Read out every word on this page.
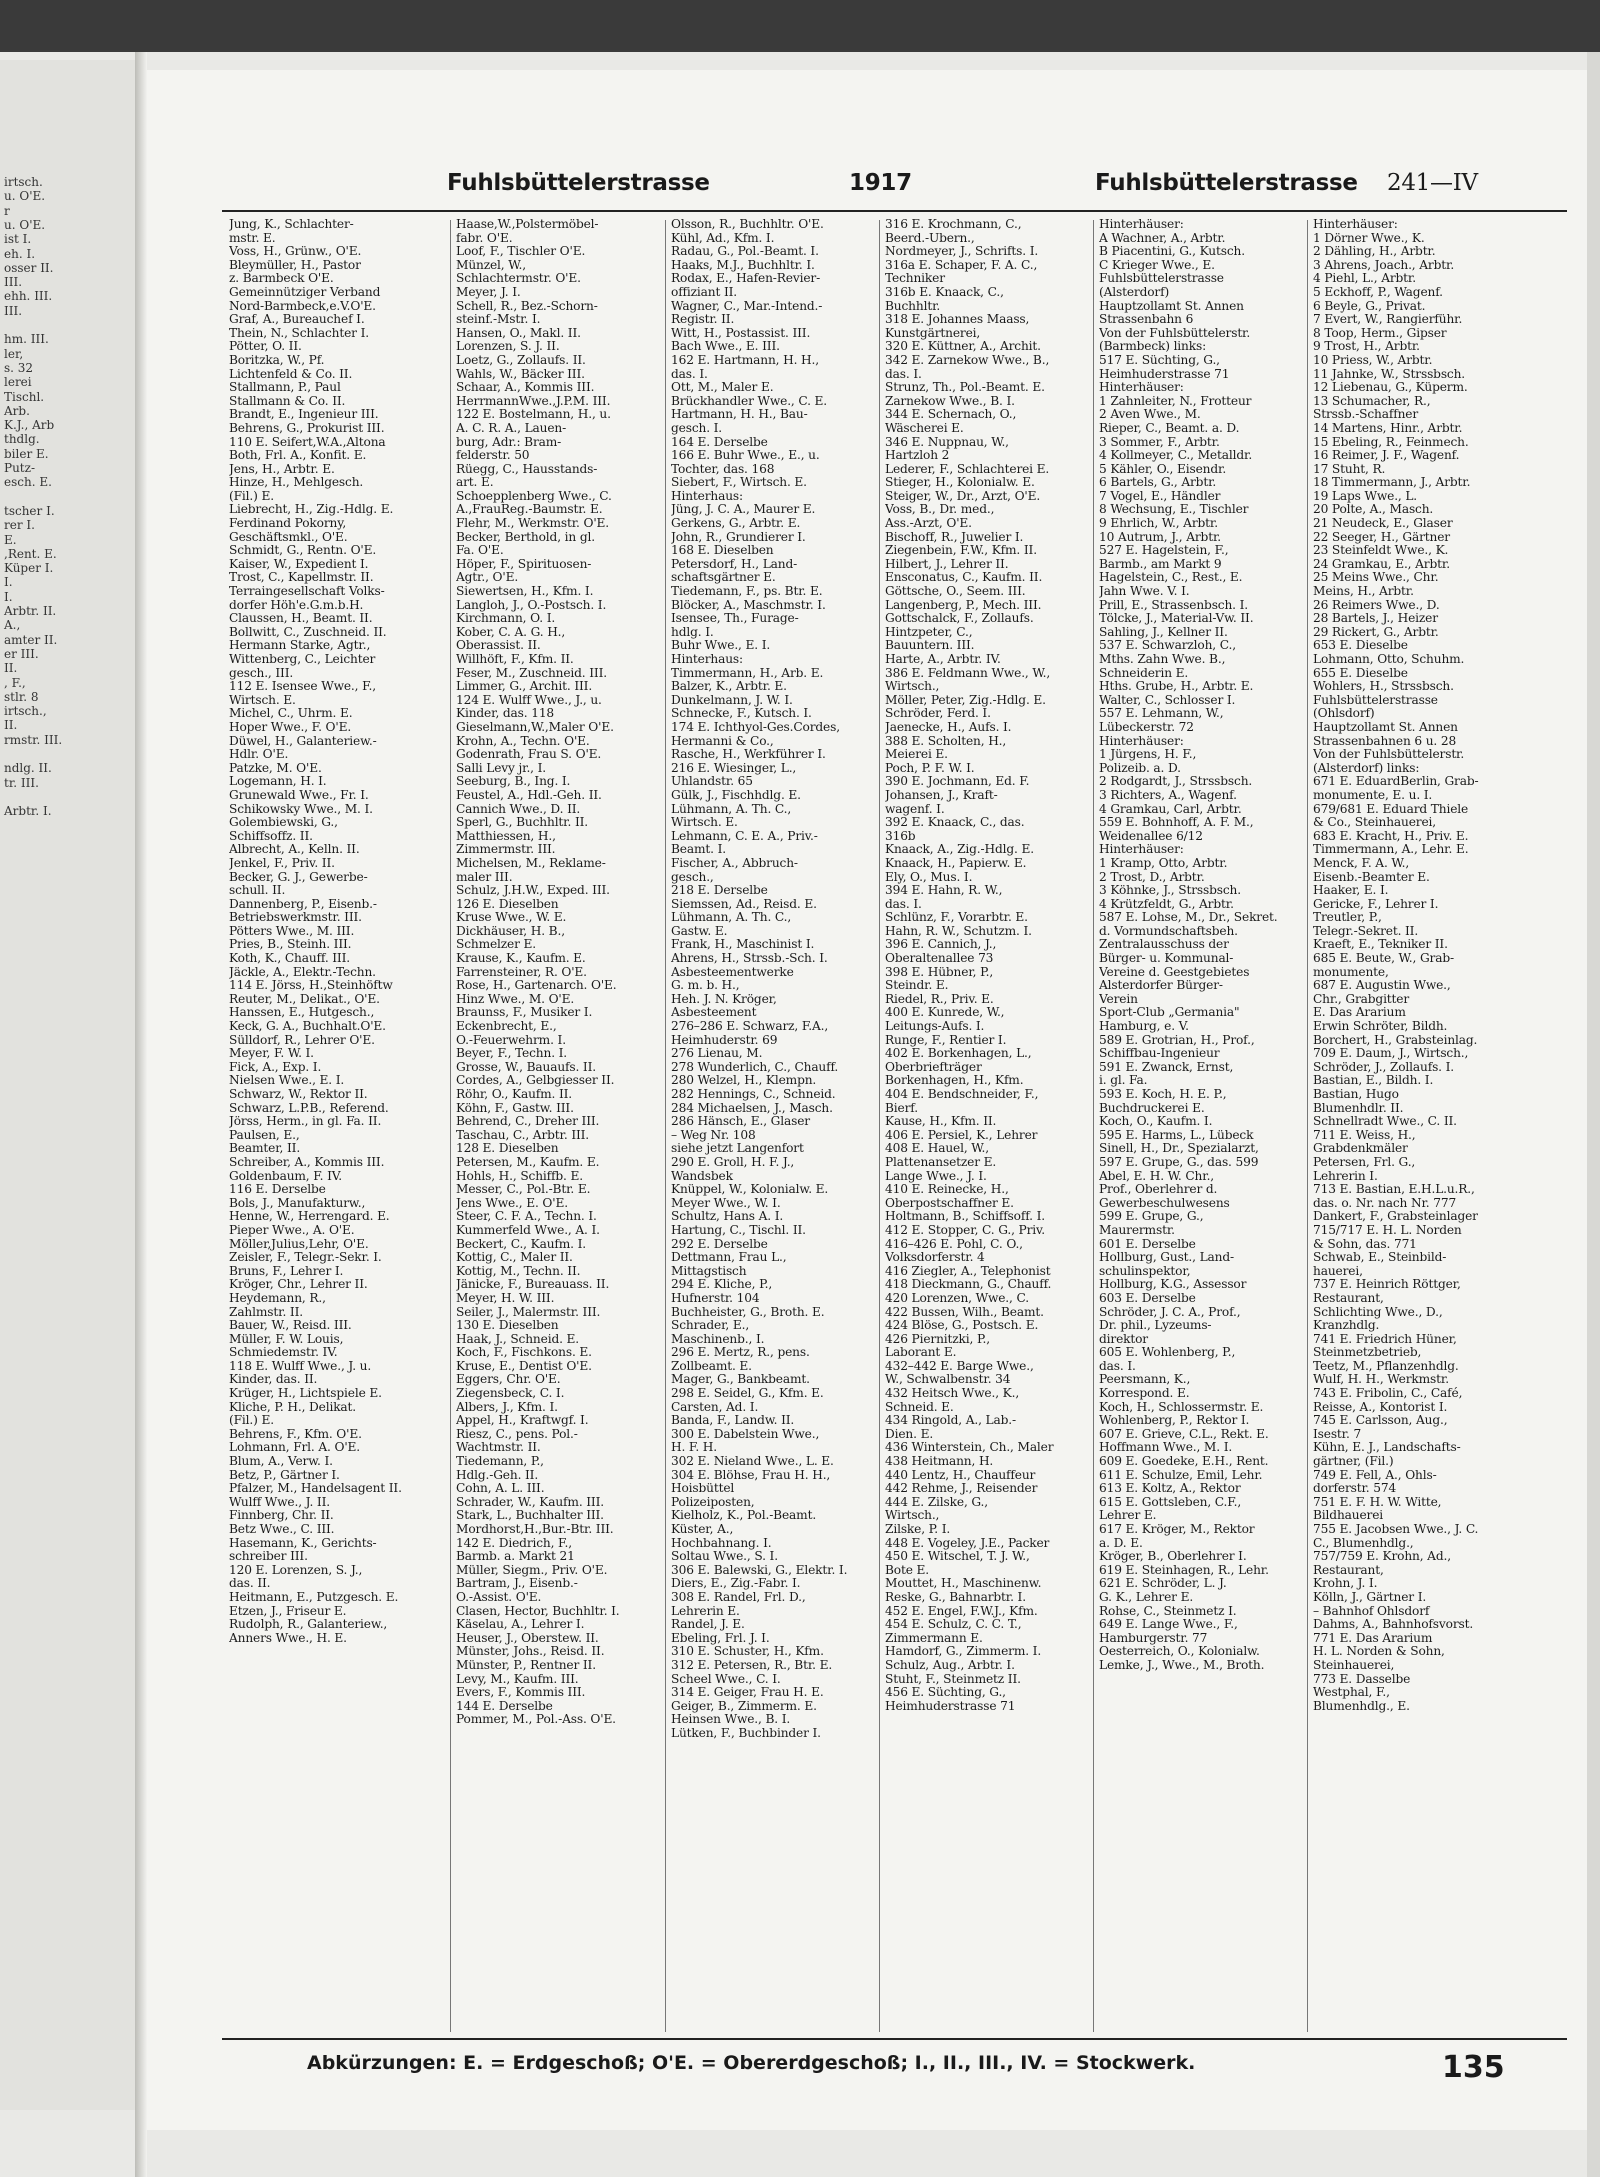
Fuhlsbüttelerstrasse	1917	Fuhlsbüttelerstrasse 241—IV
Jung, K., Schlachter-
mstr. E.
Voss, H., Grünw., O'E.
Bleymüller, H., Pastor
z. Barmbeck O'E.
Gemeinnütziger Verband
Nord-Barmbeck,e.V.O'E.
Graf, A., Bureauchef I.
Thein, N., Schlachter I.
Pötter, O. II.
Boritzka, W., Pf.
Lichtenfeld & Co. II.
Stallmann, P., Paul
Stallmann & Co. II.
Brandt, E., Ingenieur III.
Behrens, G., Prokurist III.
110 E. Seifert,W.A.,Altona
Both, Frl. A., Konfit. E.
Jens, H., Arbtr. E.
Hinze, H., Mehlgesch.
(Fil.) E.
Liebrecht, H., Zig.-Hdlg. E.
Ferdinand Pokorny,
Geschäftsmkl., O'E.
Schmidt, G., Rentn. O'E.
Kaiser, W., Expedient I.
Trost, C., Kapellmstr. II.
Terraingesellschaft Volks-
dorfer Höh'e.G.m.b.H.
Claussen, H., Beamt. II.
Bollwitt, C., Zuschneid. II.
Hermann Starke, Agtr.,
Wittenberg, C., Leichter
gesch., III.
112 E. Isensee Wwe., F.,
Wirtsch. E.
Michel, C., Uhrm. E.
Hoper Wwe., F. O'E.
Düwel, H., Galanteriew.-
Hdlr. O'E.
Patzke, M. O'E.
Logemann, H. I.
Grunewald Wwe., Fr. I.
Schikowsky Wwe., M. I.
Golembiewski, G.,
Schiffsoffz. II.
Albrecht, A., Kelln. II.
Jenkel, F., Priv. II.
Becker, G. J., Gewerbe-
schull. II.
Dannenberg, P., Eisenb.-
Betriebswerkmstr. III.
Pötters Wwe., M. III.
Pries, B., Steinh. III.
Koth, K., Chauff. III.
Jäckle, A., Elektr.-Techn.
114 E. Jörss, H.,Steinhöftw
Reuter, M., Delikat., O'E.
Hanssen, E., Hutgesch.,
Keck, G. A., Buchhalt.O'E.
Sülldorf, R., Lehrer O'E.
Meyer, F. W. I.
Fick, A., Exp. I.
Nielsen Wwe., E. I.
Schwarz, W., Rektor II.
Schwarz, L.P.B., Referend.
Jörss, Herm., in gl. Fa. II.
Paulsen, E.,
Beamter, II.
Schreiber, A., Kommis III.
Goldenbaum, F. IV.
116 E. Derselbe
Bols, J., Manufakturw.,
Henne, W., Herrengard. E.
Pieper Wwe., A. O'E.
Möller,Julius,Lehr, O'E.
Zeisler, F., Telegr.-Sekr. I.
Bruns, F., Lehrer I.
Kröger, Chr., Lehrer II.
Heydemann, R.,
Zahlmstr. II.
Bauer, W., Reisd. III.
Müller, F. W. Louis,
Schmiedemstr. IV.
118 E. Wulff Wwe., J. u.
Kinder, das. II.
Krüger, H., Lichtspiele E.
Kliche, P. H., Delikat.
(Fil.) E.
Behrens, F., Kfm. O'E.
Lohmann, Frl. A. O'E.
Blum, A., Verw. I.
Betz, P., Gärtner I.
Pfalzer, M., Handelsagent II.
Wulff Wwe., J. II.
Finnberg, Chr. II.
Betz Wwe., C. III.
Hasemann, K., Gerichts-
schreiber III.
120 E. Lorenzen, S. J.,
das. II.
Heitmann, E., Putzgesch. E.
Etzen, J., Friseur E.
Rudolph, R., Galanteriew.,
Anners Wwe., H. E.
Haase,W.,Polstermöbel-
fabr. O'E.
Loof, F., Tischler O'E.
Münzel, W.,
Schlachtermstr. O'E.
Meyer, J. I.
Schell, R., Bez.-Schorn-
steinf.-Mstr. I.
Hansen, O., Makl. II.
Lorenzen, S. J. II.
Loetz, G., Zollaufs. II.
Wahls, W., Bäcker III.
Schaar, A., Kommis III.
HerrmannWwe.,J.P.M. III.
122 E. Bostelmann, H., u.
A. C. R. A., Lauen-
burg, Adr.: Bram-
felderstr. 50
Rüegg, C., Hausstands-
art. E.
Schoepplenberg Wwe., C.
A.,FrauReg.-Baumstr. E.
Flehr, M., Werkmstr. O'E.
Becker, Berthold, in gl.
Fa. O'E.
Höper, F., Spirituosen-
Agtr., O'E.
Siewertsen, H., Kfm. I.
Langloh, J., O.-Postsch. I.
Kirchmann, O. I.
Kober, C. A. G. H.,
Oberassist. II.
Willhöft, F., Kfm. II.
Feser, M., Zuschneid. III.
Limmer, G., Archit. III.
124 E. Wulff Wwe., J., u.
Kinder, das. 118
Gieselmann,W.,Maler O'E.
Krohn, A., Techn. O'E.
Godenrath, Frau S. O'E.
Salli Levy jr., I.
Seeburg, B., Ing. I.
Feustel, A., Hdl.-Geh. II.
Cannich Wwe., D. II.
Sperl, G., Buchhltr. II.
Matthiessen, H.,
Zimmermstr. III.
Michelsen, M., Reklame-
maler III.
Schulz, J.H.W., Exped. III.
126 E. Dieselben
Kruse Wwe., W. E.
Dickhäuser, H. B.,
Schmelzer E.
Krause, K., Kaufm. E.
Farrensteiner, R. O'E.
Rose, H., Gartenarch. O'E.
Hinz Wwe., M. O'E.
Braunss, F., Musiker I.
Eckenbrecht, E.,
O.-Feuerwehrm. I.
Beyer, F., Techn. I.
Grosse, W., Bauaufs. II.
Cordes, A., Gelbgiesser II.
Röhr, O., Kaufm. II.
Köhn, F., Gastw. III.
Behrend, C., Dreher III.
Taschau, C., Arbtr. III.
128 E. Dieselben
Petersen, M., Kaufm. E.
Hohls, H., Schiffb. E.
Messer, C., Pol.-Btr. E.
Jens Wwe., E. O'E.
Steer, C. F. A., Techn. I.
Kummerfeld Wwe., A. I.
Beckert, C., Kaufm. I.
Kottig, C., Maler II.
Kottig, M., Techn. II.
Jänicke, F., Bureauass. II.
Meyer, H. W. III.
Seiler, J., Malermstr. III.
130 E. Dieselben
Haak, J., Schneid. E.
Koch, F., Fischkons. E.
Kruse, E., Dentist O'E.
Eggers, Chr. O'E.
Ziegensbeck, C. I.
Albers, J., Kfm. I.
Appel, H., Kraftwgf. I.
Riesz, C., pens. Pol.-
Wachtmstr. II.
Tiedemann, P.,
Hdlg.-Geh. II.
Cohn, A. L. III.
Schrader, W., Kaufm. III.
Stark, L., Buchhalter III.
Mordhorst,H.,Bur.-Btr. III.
142 E. Diedrich, F.,
Barmb. a. Markt 21
Müller, Siegm., Priv. O'E.
Bartram, J., Eisenb.-
O.-Assist. O'E.
Clasen, Hector, Buchhltr. I.
Käselau, A., Lehrer I.
Heuser, J., Oberstew. II.
Münster, Johs., Reisd. II.
Münster, P., Rentner II.
Levy, M., Kaufm. III.
Evers, F., Kommis III.
144 E. Derselbe
Pommer, M., Pol.-Ass. O'E.
Olsson, R., Buchhltr. O'E.
Kühl, Ad., Kfm. I.
Radau, G., Pol.-Beamt. I.
Haaks, M.J., Buchhltr. I.
Rodax, E., Hafen-Revier-
offiziant II.
Wagner, C., Mar.-Intend.-
Registr. II.
Witt, H., Postassist. III.
Bach Wwe., E. III.
162 E. Hartmann, H. H.,
das. I.
Ott, M., Maler E.
Brückhandler Wwe., C. E.
Hartmann, H. H., Bau-
gesch. I.
164 E. Derselbe
166 E. Buhr Wwe., E., u.
Tochter, das. 168
Siebert, F., Wirtsch. E.
Hinterhaus:
Jüng, J. C. A., Maurer E.
Gerkens, G., Arbtr. E.
John, R., Grundierer I.
168 E. Dieselben
Petersdorf, H., Land-
schaftsgärtner E.
Tiedemann, F., ps. Btr. E.
Blöcker, A., Maschmstr. I.
Isensee, Th., Furage-
hdlg. I.
Buhr Wwe., E. I.
Hinterhaus:
Timmermann, H., Arb. E.
Balzer, K., Arbtr. E.
Dunkelmann, J. W. I.
Schnecke, F., Kutsch. I.
174 E. Ichthyol-Ges.Cordes,
Hermanni & Co.,
Rasche, H., Werkführer I.
216 E. Wiesinger, L.,
Uhlandstr. 65
Gülk, J., Fischhdlg. E.
Lühmann, A. Th. C.,
Wirtsch. E.
Lehmann, C. E. A., Priv.-
Beamt. I.
Fischer, A., Abbruch-
gesch.,
218 E. Derselbe
Siemssen, Ad., Reisd. E.
Lühmann, A. Th. C.,
Gastw. E.
Frank, H., Maschinist I.
Ahrens, H., Strssb.-Sch. I.
Asbesteementwerke
G. m. b. H.,
Heh. J. N. Kröger,
Asbesteement
276–286 E. Schwarz, F.A.,
Heimhuderstr. 69
276 Lienau, M.
278 Wunderlich, C., Chauff.
280 Welzel, H., Klempn.
282 Hennings, C., Schneid.
284 Michaelsen, J., Masch.
286 Hänsch, E., Glaser
– Weg Nr. 108
siehe jetzt Langenfort
290 E. Groll, H. F. J.,
Wandsbek
Knüppel, W., Kolonialw. E.
Meyer Wwe., W. I.
Schultz, Hans A. I.
Hartung, C., Tischl. II.
292 E. Derselbe
Dettmann, Frau L.,
Mittagstisch
294 E. Kliche, P.,
Hufnerstr. 104
Buchheister, G., Broth. E.
Schrader, E.,
Maschinenb., I.
296 E. Mertz, R., pens.
Zollbeamt. E.
Mager, G., Bankbeamt.
298 E. Seidel, G., Kfm. E.
Carsten, Ad. I.
Banda, F., Landw. II.
300 E. Dabelstein Wwe.,
H. F. H.
302 E. Nieland Wwe., L. E.
304 E. Blöhse, Frau H. H.,
Hoisbüttel
Polizeiposten,
Kielholz, K., Pol.-Beamt.
Küster, A.,
Hochbahnang. I.
Soltau Wwe., S. I.
306 E. Balewski, G., Elektr. I.
Diers, E., Zig.-Fabr. I.
308 E. Randel, Frl. D.,
Lehrerin E.
Randel, J. E.
Ebeling, Frl. J. I.
310 E. Schuster, H., Kfm.
312 E. Petersen, R., Btr. E.
Scheel Wwe., C. I.
314 E. Geiger, Frau H. E.
Geiger, B., Zimmerm. E.
Heinsen Wwe., B. I.
Lütken, F., Buchbinder I.
316 E. Krochmann, C.,
Beerd.-Übern.,
Nordmeyer, J., Schrifts. I.
316a E. Schaper, F. A. C.,
Techniker
316b E. Knaack, C.,
Buchhltr.
318 E. Johannes Maass,
Kunstgärtnerei,
320 E. Küttner, A., Archit.
342 E. Zarnekow Wwe., B.,
das. I.
Strunz, Th., Pol.-Beamt. E.
Zarnekow Wwe., B. I.
344 E. Schernach, O.,
Wäscherei E.
346 E. Nuppnau, W.,
Hartzloh 2
Lederer, F., Schlachterei E.
Stieger, H., Kolonialw. E.
Steiger, W., Dr., Arzt, O'E.
Voss, B., Dr. med.,
Ass.-Arzt, O'E.
Bischoff, R., Juwelier I.
Ziegenbein, F.W., Kfm. II.
Hilbert, J., Lehrer II.
Ensconatus, C., Kaufm. II.
Göttsche, O., Seem. III.
Langenberg, P., Mech. III.
Gottschalck, F., Zollaufs.
Hintzpeter, C.,
Bauuntern. III.
Harte, A., Arbtr. IV.
386 E. Feldmann Wwe., W.,
Wirtsch.,
Möller, Peter, Zig.-Hdlg. E.
Schröder, Ferd. I.
Jaenecke, H., Aufs. I.
388 E. Scholten, H.,
Meierei E.
Poch, P. F. W. I.
390 E. Jochmann, Ed. F.
Johansen, J., Kraft-
wagenf. I.
392 E. Knaack, C., das.
316b
Knaack, A., Zig.-Hdlg. E.
Knaack, H., Papierw. E.
Ely, O., Mus. I.
394 E. Hahn, R. W.,
das. I.
Schlünz, F., Vorarbtr. E.
Hahn, R. W., Schutzm. I.
396 E. Cannich, J.,
Oberaltenallee 73
398 E. Hübner, P.,
Steindr. E.
Riedel, R., Priv. E.
400 E. Kunrede, W.,
Leitungs-Aufs. I.
Runge, F., Rentier I.
402 E. Borkenhagen, L.,
Oberbriefträger
Borkenhagen, H., Kfm.
404 E. Bendschneider, F.,
Bierf.
Kause, H., Kfm. II.
406 E. Persiel, K., Lehrer
408 E. Hauel, W.,
Plattenansetzer E.
Lange Wwe., J. I.
410 E. Reinecke, H.,
Oberpostschaffner E.
Holtmann, B., Schiffsoff. I.
412 E. Stopper, C. G., Priv.
416–426 E. Pohl, C. O.,
Volksdorferstr. 4
416 Ziegler, A., Telephonist
418 Dieckmann, G., Chauff.
420 Lorenzen, Wwe., C.
422 Bussen, Wilh., Beamt.
424 Blöse, G., Postsch. E.
426 Piernitzki, P.,
Laborant E.
432–442 E. Barge Wwe.,
W., Schwalbenstr. 34
432 Heitsch Wwe., K.,
Schneid. E.
434 Ringold, A., Lab.-
Dien. E.
436 Winterstein, Ch., Maler
438 Heitmann, H.
440 Lentz, H., Chauffeur
442 Rehme, J., Reisender
444 E. Zilske, G.,
Wirtsch.,
Zilske, P. I.
448 E. Vogeley, J.E., Packer
450 E. Witschel, T. J. W.,
Bote E.
Mouttet, H., Maschinenw.
Reske, G., Bahnarbtr. I.
452 E. Engel, F.W.J., Kfm.
454 E. Schulz, C. C. T.,
Zimmermann E.
Hamdorf, G., Zimmerm. I.
Schulz, Aug., Arbtr. I.
Stuht, F., Steinmetz II.
456 E. Süchting, G.,
Heimhuderstrasse 71
Hinterhäuser:
A Wachner, A., Arbtr.
B Piacentini, G., Kutsch.
C Krieger Wwe., E.
Fuhlsbüttelerstrasse
(Alsterdorf)
Hauptzollamt St. Annen
Strassenbahn 6
Von der Fuhlsbüttelerstr.
(Barmbeck) links:
517 E. Süchting, G.,
Heimhuderstrasse 71
Hinterhäuser:
1 Zahnleiter, N., Frotteur
2 Aven Wwe., M.
Rieper, C., Beamt. a. D.
3 Sommer, F., Arbtr.
4 Kollmeyer, C., Metalldr.
5 Kähler, O., Eisendr.
6 Bartels, G., Arbtr.
7 Vogel, E., Händler
8 Wechsung, E., Tischler
9 Ehrlich, W., Arbtr.
10 Autrum, J., Arbtr.
527 E. Hagelstein, F.,
Barmb., am Markt 9
Hagelstein, C., Rest., E.
Jahn Wwe. V. I.
Prill, E., Strassenbsch. I.
Tölcke, J., Material-Vw. II.
Sahling, J., Kellner II.
537 E. Schwarzloh, C.,
Mths. Zahn Wwe. B.,
Schneiderin E.
Hths. Grube, H., Arbtr. E.
Walter, C., Schlosser I.
557 E. Lehmann, W.,
Lübeckerstr. 72
Hinterhäuser:
1 Jürgens, H. F.,
Polizeib. a. D.
2 Rodgardt, J., Strssbsch.
3 Richters, A., Wagenf.
4 Gramkau, Carl, Arbtr.
559 E. Bohnhoff, A. F. M.,
Weidenallee 6/12
Hinterhäuser:
1 Kramp, Otto, Arbtr.
2 Trost, D., Arbtr.
3 Köhnke, J., Strssbsch.
4 Krützfeldt, G., Arbtr.
587 E. Lohse, M., Dr., Sekret.
d. Vormundschaftsbeh.
Zentralausschuss der
Bürger- u. Kommunal-
Vereine d. Geestgebietes
Alsterdorfer Bürger-
Verein
Sport-Club „Germania"
Hamburg, e. V.
589 E. Grotrian, H., Prof.,
Schiffbau-Ingenieur
591 E. Zwanck, Ernst,
i. gl. Fa.
593 E. Koch, H. E. P.,
Buchdruckerei E.
Koch, O., Kaufm. I.
595 E. Harms, L., Lübeck
Sinell, H., Dr., Spezialarzt,
597 E. Grupe, G., das. 599
Abel, E. H. W. Chr.,
Prof., Oberlehrer d.
Gewerbeschulwesens
599 E. Grupe, G.,
Maurermstr.
601 E. Derselbe
Hollburg, Gust., Land-
schulinspektor,
Hollburg, K.G., Assessor
603 E. Derselbe
Schröder, J. C. A., Prof.,
Dr. phil., Lyzeums-
direktor
605 E. Wohlenberg, P.,
das. I.
Peersmann, K.,
Korrespond. E.
Koch, H., Schlossermstr. E.
Wohlenberg, P., Rektor I.
607 E. Grieve, C.L., Rekt. E.
Hoffmann Wwe., M. I.
609 E. Goedeke, E.H., Rent.
611 E. Schulze, Emil, Lehr.
613 E. Koltz, A., Rektor
615 E. Gottsleben, C.F.,
Lehrer E.
617 E. Kröger, M., Rektor
a. D. E.
Kröger, B., Oberlehrer I.
619 E. Steinhagen, R., Lehr.
621 E. Schröder, L. J.
G. K., Lehrer E.
Rohse, C., Steinmetz I.
649 E. Lange Wwe., F.,
Hamburgerstr. 77
Oesterreich, O., Kolonialw.
Lemke, J., Wwe., M., Broth.
Hinterhäuser:
1 Dörner Wwe., K.
2 Dähling, H., Arbtr.
3 Ahrens, Joach., Arbtr.
4 Piehl, L., Arbtr.
5 Eckhoff, P., Wagenf.
6 Beyle, G., Privat.
7 Evert, W., Rangierführ.
8 Toop, Herm., Gipser
9 Trost, H., Arbtr.
10 Priess, W., Arbtr.
11 Jahnke, W., Strssbsch.
12 Liebenau, G., Küperm.
13 Schumacher, R.,
Strssb.-Schaffner
14 Martens, Hinr., Arbtr.
15 Ebeling, R., Feinmech.
16 Reimer, J. F., Wagenf.
17 Stuht, R.
18 Timmermann, J., Arbtr.
19 Laps Wwe., L.
20 Polte, A., Masch.
21 Neudeck, E., Glaser
22 Seeger, H., Gärtner
23 Steinfeldt Wwe., K.
24 Gramkau, E., Arbtr.
25 Meins Wwe., Chr.
Meins, H., Arbtr.
26 Reimers Wwe., D.
28 Bartels, J., Heizer
29 Rickert, G., Arbtr.
653 E. Dieselbe
Lohmann, Otto, Schuhm.
655 E. Dieselbe
Wohlers, H., Strssbsch.
Fuhlsbüttelerstrasse
(Ohlsdorf)
Hauptzollamt St. Annen
Strassenbahnen 6 u. 28
Von der Fuhlsbüttelerstr.
(Alsterdorf) links:
671 E. EduardBerlin, Grab-
monumente, E. u. I.
679/681 E. Eduard Thiele
& Co., Steinhauerei,
683 E. Kracht, H., Priv. E.
Timmermann, A., Lehr. E.
Menck, F. A. W.,
Eisenb.-Beamter E.
Haaker, E. I.
Gericke, F., Lehrer I.
Treutler, P.,
Telegr.-Sekret. II.
Kraeft, E., Tekniker II.
685 E. Beute, W., Grab-
monumente,
687 E. Augustin Wwe.,
Chr., Grabgitter
E. Das Ärarium
Erwin Schröter, Bildh.
Borchert, H., Grabsteinlag.
709 E. Daum, J., Wirtsch.,
Schröder, J., Zollaufs. I.
Bastian, E., Bildh. I.
Bastian, Hugo
Blumenhdlr. II.
Schnellradt Wwe., C. II.
711 E. Weiss, H.,
Grabdenkmäler
Petersen, Frl. G.,
Lehrerin I.
713 E. Bastian, E.H.L.u.R.,
das. o. Nr. nach Nr. 777
Dankert, F., Grabsteinlager
715/717 E. H. L. Norden
& Sohn, das. 771
Schwab, E., Steinbild-
hauerei,
737 E. Heinrich Röttger,
Restaurant,
Schlichting Wwe., D.,
Kranzhdlg.
741 E. Friedrich Hüner,
Steinmetzbetrieb,
Teetz, M., Pflanzenhdlg.
Wulf, H. H., Werkmstr.
743 E. Fribolin, C., Café,
Reisse, A., Kontorist I.
745 E. Carlsson, Aug.,
Isestr. 7
Kühn, E. J., Landschafts-
gärtner, (Fil.)
749 E. Fell, A., Ohls-
dorferstr. 574
751 E. F. H. W. Witte,
Bildhauerei
755 E. Jacobsen Wwe., J. C.
C., Blumenhdlg.,
757/759 E. Krohn, Ad.,
Restaurant,
Krohn, J. I.
Kölln, J., Gärtner I.
– Bahnhof Ohlsdorf
Dahms, A., Bahnhofsvorst.
771 E. Das Ärarium
H. L. Norden & Sohn,
Steinhauerei,
773 E. Dasselbe
Westphal, F.,
Blumenhdlg., E.
Abkürzungen: E. = Erdgeschoß; O'E. = Obererdgeschoß; I., II., III., IV. = Stockwerk.	135
irtsch.
u. O'E.
r
u. O'E.
ist I.
eh. I.
osser II.
III.
ehh. III.
III.
hm. III.
ler,
s. 32
lerei
Tischl.
Arb.
K.J., Arb
thdlg.
biler E.
Putz-
esch. E.
tscher I.
rer I.
E.
,Rent. E.
Küper I.
I.
I.
Arbtr. II.
A.,
amter II.
er III.
II.
, F.,
stlr. 8
irtsch.,
II.
rmstr. III.
ndlg. II.
tr. III.
Arbtr. I.
